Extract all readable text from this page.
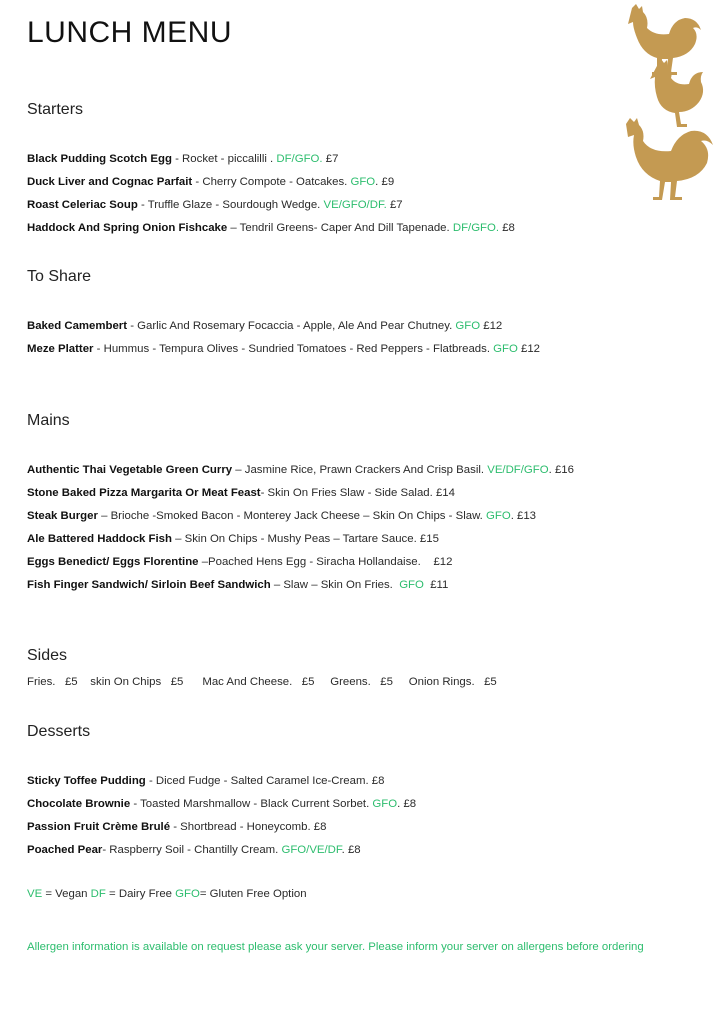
LUNCH MENU
Starters
Black Pudding Scotch Egg - Rocket - piccalilli . DF/GFO. £7
Duck Liver and Cognac Parfait - Cherry Compote - Oatcakes. GFO. £9
Roast Celeriac Soup - Truffle Glaze - Sourdough Wedge. VE/GFO/DF. £7
Haddock And Spring Onion Fishcake – Tendril Greens- Caper And Dill Tapenade. DF/GFO. £8
To Share
Baked Camembert - Garlic And Rosemary Focaccia - Apple, Ale And Pear Chutney. GFO £12
Meze Platter - Hummus - Tempura Olives - Sundried Tomatoes - Red Peppers - Flatbreads. GFO £12
Mains
Authentic Thai Vegetable Green Curry – Jasmine Rice, Prawn Crackers And Crisp Basil. VE/DF/GFO. £16
Stone Baked Pizza Margarita Or Meat Feast- Skin On Fries Slaw - Side Salad. £14
Steak Burger – Brioche -Smoked Bacon - Monterey Jack Cheese – Skin On Chips - Slaw. GFO. £13
Ale Battered Haddock Fish – Skin On Chips - Mushy Peas – Tartare Sauce. £15
Eggs Benedict/ Eggs Florentine –Poached Hens Egg - Siracha Hollandaise.    £12
Fish Finger Sandwich/ Sirloin Beef Sandwich – Slaw – Skin On Fries.  GFO  £11
Sides
Fries.   £5    skin On Chips   £5      Mac And Cheese.   £5     Greens.   £5     Onion Rings.   £5
Desserts
Sticky Toffee Pudding - Diced Fudge - Salted Caramel Ice-Cream. £8
Chocolate Brownie - Toasted Marshmallow - Black Current Sorbet. GFO. £8
Passion Fruit Crème Brulé - Shortbread - Honeycomb. £8
Poached Pear- Raspberry Soil - Chantilly Cream. GFO/VE/DF. £8
VE = Vegan DF = Dairy Free GFO= Gluten Free Option
Allergen information is available on request please ask your server. Please inform your server on allergens before ordering
